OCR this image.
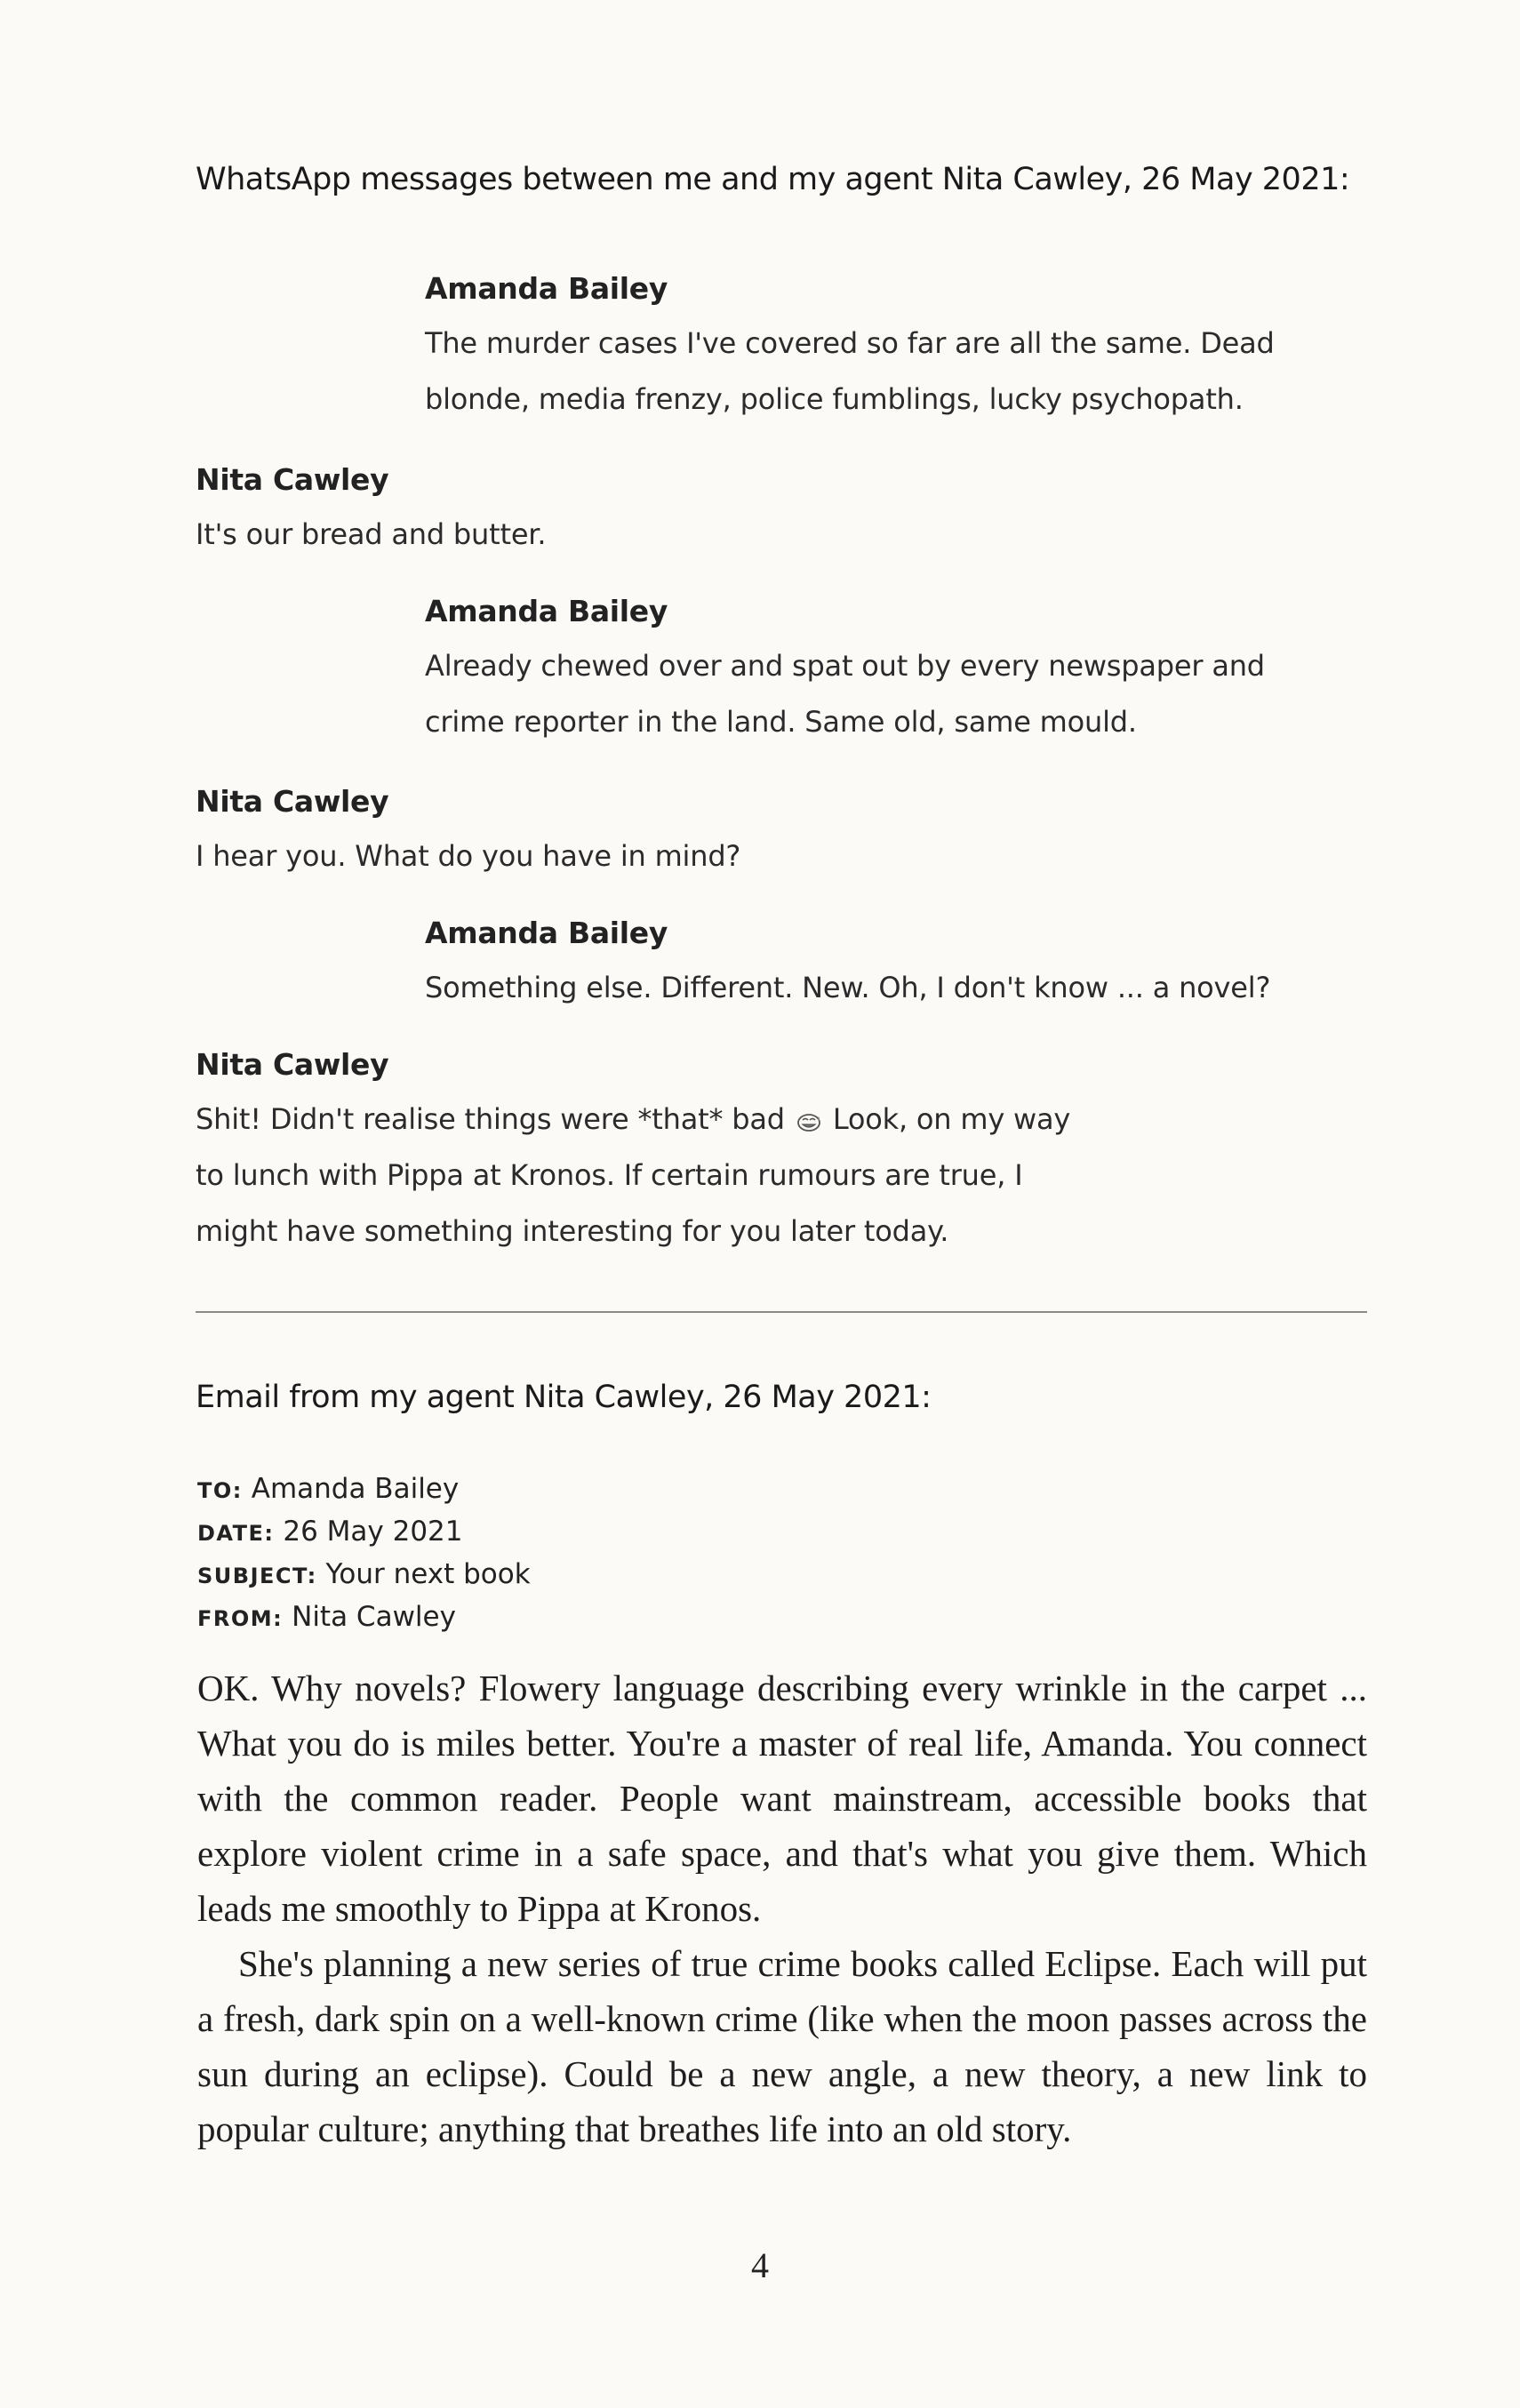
WhatsApp messages between me and my agent Nita Cawley, 26 May 2021:
Amanda Bailey
The murder cases I've covered so far are all the same. Dead
blonde, media frenzy, police fumblings, lucky psychopath.
Nita Cawley
It's our bread and butter.
Amanda Bailey
Already chewed over and spat out by every newspaper and
crime reporter in the land. Same old, same mould.
Nita Cawley
I hear you. What do you have in mind?
Amanda Bailey
Something else. Different. New. Oh, I don't know ... a novel?
Nita Cawley
Shit! Didn't realise things were *that* bad Look, on my way
to lunch with Pippa at Kronos. If certain rumours are true, I
might have something interesting for you later today.
Email from my agent Nita Cawley, 26 May 2021:
TO: Amanda Bailey
DATE: 26 May 2021
SUBJECT: Your next book
FROM: Nita Cawley

OK. Why novels? Flowery language describing every wrinkle in the carpet ... What you do is miles better. You're a master of real life, Amanda. You connect with the common reader. People want mainstream, accessible books that explore violent crime in a safe space, and that's what you give them. Which leads me smoothly to Pippa at Kronos.

She's planning a new series of true crime books called Eclipse. Each will put a fresh, dark spin on a well-known crime (like when the moon passes across the sun during an eclipse). Could be a new angle, a new theory, a new link to popular culture; anything that breathes life into an old story.

4
